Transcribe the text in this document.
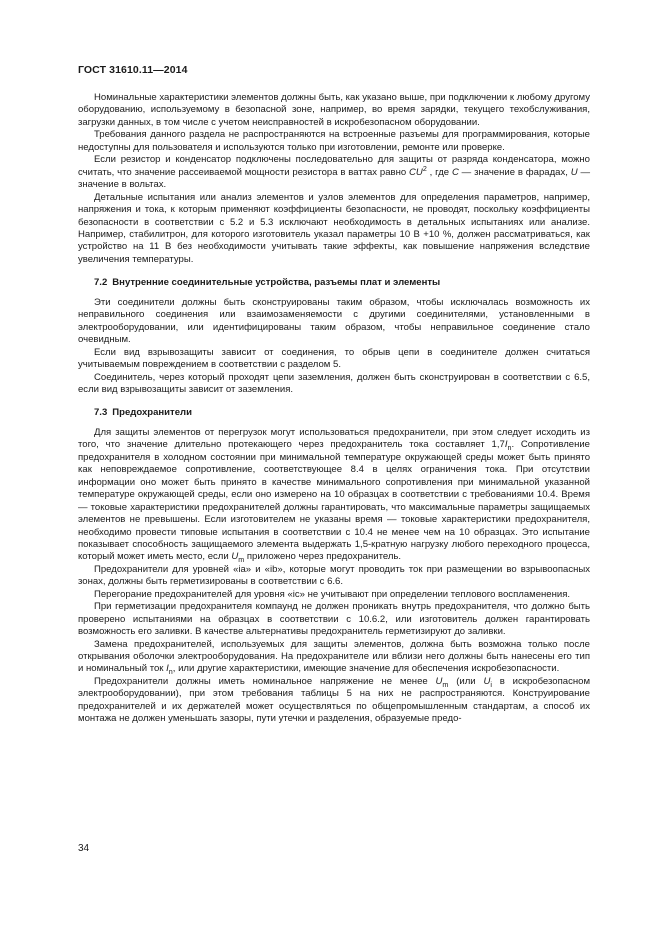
ГОСТ 31610.11—2014

Номинальные характеристики элементов должны быть, как указано выше, при подключении к любому другому оборудованию, используемому в безопасной зоне, например, во время зарядки, текущего техобслуживания, загрузки данных, в том числе с учетом неисправностей в искробезопасном оборудовании.

Требования данного раздела не распространяются на встроенные разъемы для программирования, которые недоступны для пользователя и используются только при изготовлении, ремонте или проверке.

Если резистор и конденсатор подключены последовательно для защиты от разряда конденсатора, можно считать, что значение рассеиваемой мощности резистора в ваттах равно $CU^2$ , где C — значение в фарадах, U — значение в вольтах.

Детальные испытания или анализ элементов и узлов элементов для определения параметров, например, напряжения и тока, к которым применяют коэффициенты безопасности, не проводят, поскольку коэффициенты безопасности в соответствии с 5.2 и 5.3 исключают необходимость в детальных испытаниях или анализе. Например, стабилитрон, для которого изготовитель указал параметры 10 В +10 %, должен рассматриваться, как устройство на 11 В без необходимости учитывать такие эффекты, как повышение напряжения вследствие увеличения температуры.

7.2 Внутренние соединительные устройства, разъемы плат и элементы

Эти соединители должны быть сконструированы таким образом, чтобы исключалась возможность их неправильного соединения или взаимозаменяемости с другими соединителями, установленными в электрооборудовании, или идентифицированы таким образом, чтобы неправильное соединение стало очевидным.

Если вид взрывозащиты зависит от соединения, то обрыв цепи в соединителе должен считаться учитываемым повреждением в соответствии с разделом 5.

Соединитель, через который проходят цепи заземления, должен быть сконструирован в соответствии с 6.5, если вид взрывозащиты зависит от заземления.

7.3 Предохранители

Для защиты элементов от перегрузок могут использоваться предохранители, при этом следует исходить из того, что значение длительно протекающего через предохранитель тока составляет $1,7I_n$. Сопротивление предохранителя в холодном состоянии при минимальной температуре окружающей среды может быть принято как неповреждаемое сопротивление, соответствующее 8.4 в целях ограничения тока. При отсутствии информации оно может быть принято в качестве минимального сопротивления при минимальной указанной температуре окружающей среды, если оно измерено на 10 образцах в соответствии с требованиями 10.4. Время — токовые характеристики предохранителей должны гарантировать, что максимальные параметры защищаемых элементов не превышены. Если изготовителем не указаны время — токовые характеристики предохранителя, необходимо провести типовые испытания в соответствии с 10.4 не менее чем на 10 образцах. Это испытание показывает способность защищаемого элемента выдержать 1,5-кратную нагрузку любого переходного процесса, который может иметь место, если $U_m$ приложено через предохранитель.

Предохранители для уровней «ia» и «ib», которые могут проводить ток при размещении во взрывоопасных зонах, должны быть герметизированы в соответствии с 6.6.

Перегорание предохранителей для уровня «ic» не учитывают при определении теплового воспламенения.

При герметизации предохранителя компаунд не должен проникать внутрь предохранителя, что должно быть проверено испытаниями на образцах в соответствии с 10.6.2, или изготовитель должен гарантировать возможность его заливки. В качестве альтернативы предохранитель герметизируют до заливки.

Замена предохранителей, используемых для защиты элементов, должна быть возможна только после открывания оболочки электрооборудования. На предохранителе или вблизи него должны быть нанесены его тип и номинальный ток $I_n$, или другие характеристики, имеющие значение для обеспечения искробезопасности.

Предохранители должны иметь номинальное напряжение не менее $U_m$ (или $U_i$ в искробезопасном электрооборудовании), при этом требования таблицы 5 на них не распространяются. Конструирование предохранителей и их держателей может осуществляться по общепромышленным стандартам, а способ их монтажа не должен уменьшать зазоры, пути утечки и разделения, образуемые предо-

34
